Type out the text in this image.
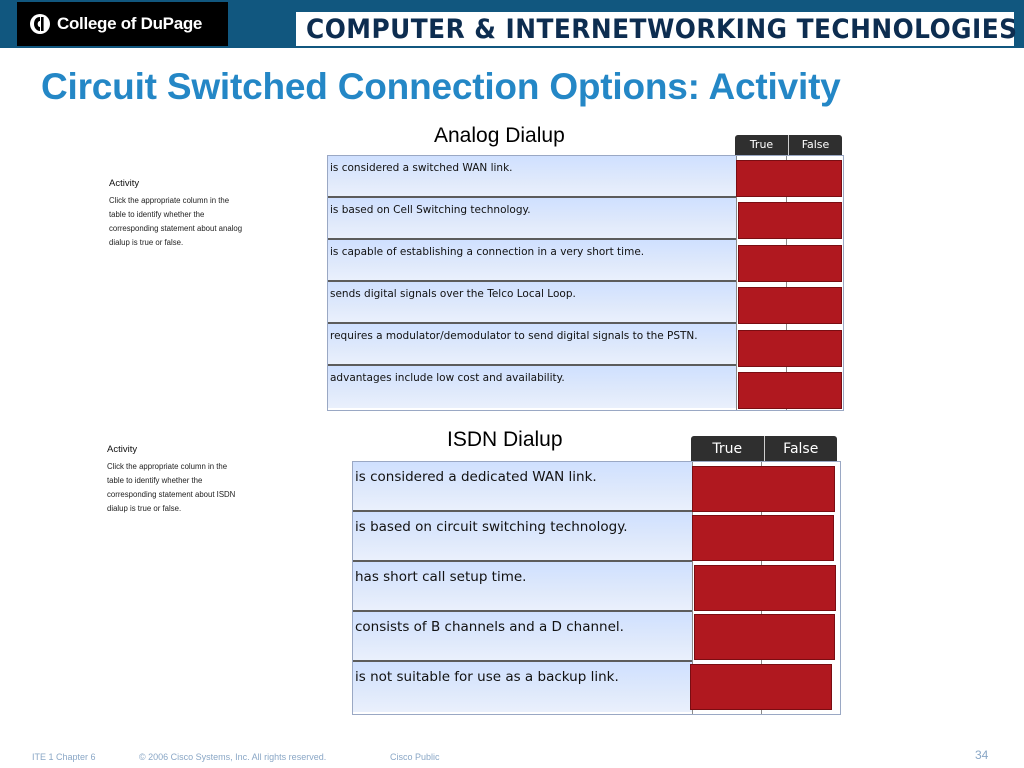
College of DuPage	COMPUTER & INTERNETWORKING TECHNOLOGIES
Circuit Switched Connection Options: Activity
Analog Dialup
Activity
Click the appropriate column in the
table to identify whether the
corresponding statement about analog
dialup is true or false.
True	False
is considered a switched WAN link.
is based on Cell Switching technology.
is capable of establishing a connection in a very short time.
sends digital signals over the Telco Local Loop.
requires a modulator/demodulator to send digital signals to the PSTN.
advantages include low cost and availability.
ISDN Dialup
Activity
Click the appropriate column in the
table to identify whether the
corresponding statement about ISDN
dialup is true or false.
True	False
is considered a dedicated WAN link.
is based on circuit switching technology.
has short call setup time.
consists of B channels and a D channel.
is not suitable for use as a backup link.
ITE 1 Chapter 6	© 2006 Cisco Systems, Inc. All rights reserved.	Cisco Public	34
